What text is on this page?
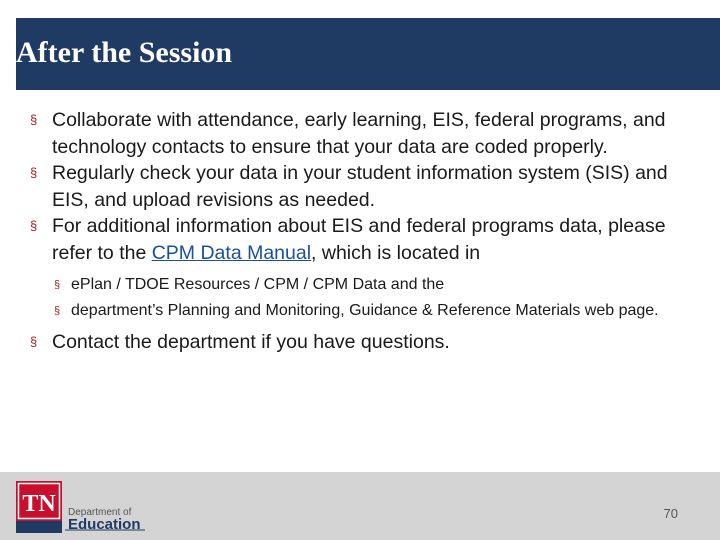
After the Session

§ Collaborate with attendance, early learning, EIS, federal programs, and technology contacts to ensure that your data are coded properly.

§ Regularly check your data in your student information system (SIS) and EIS, and upload revisions as needed.

§ For additional information about EIS and federal programs data, please refer to the CPM Data Manual, which is located in

§ ePlan / TDOE Resources / CPM / CPM Data and the

§ department’s Planning and Monitoring, Guidance & Reference Materials web page.

§ Contact the department if you have questions.

TN Department of
Education
70
